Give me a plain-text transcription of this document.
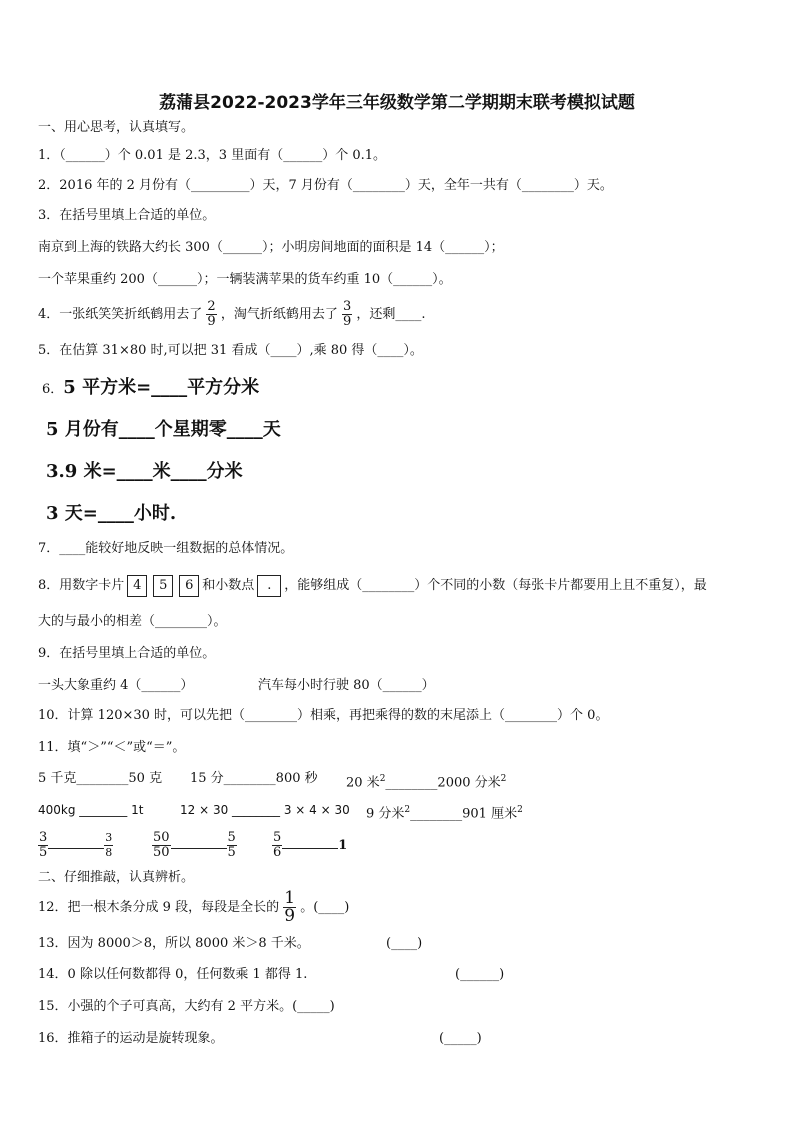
荔蒲县2022-2023学年三年级数学第二学期期末联考模拟试题
一、用心思考，认真填写。
1．（______）个 0.01 是 2.3，3 里面有（______）个 0.1。
2．2016 年的 2 月份有（_________）天，7 月份有（________）天，全年一共有（________）天。
3．在括号里填上合适的单位。
南京到上海的铁路大约长 300（______）；小明房间地面的面积是 14（______）；
一个苹果重约 200（______）；一辆装满苹果的货车约重 10（______）。
4．一张纸笑笑折纸鹤用去了 $\frac{2}{9}$ ，淘气折纸鹤用去了 $\frac{3}{9}$ ，还剩____.
5．在估算 31×80 时,可以把 31 看成（____）,乘 80 得（____）。
6．5 平方米=____平方分米
5 月份有____个星期零____天
3.9 米=____米____分米
3 天=____小时.
7．____能较好地反映一组数据的总体情况。
8．用数字卡片 4 5 6 和小数点 . ，能够组成（________）个不同的小数（每张卡片都要用上且不重复），最
大的与最小的相差（________）。
9．在括号里填上合适的单位。
一头大象重约 4（______）	汽车每小时行驶 80（______）
10．计算 120×30 时，可以先把（________）相乘，再把乘得的数的末尾添上（________）个 0。
11．填“＞”“＜”或“＝”。
5 千克________50 克 15 分________800 秒 20 米$^2$________2000 分米$^2$
400kg ________ 1t	12 × 30 ________ 3 × 4 × 30 9 分米$^2$________901 厘米$^2$
$\frac{3}{5}$	$\frac{3}{8}$	$\frac{50}{50}$	$\frac{5}{5}$	$\frac{5}{6}$	1
二、仔细推敲，认真辨析。
12．把一根木条分成 9 段，每段是全长的 $\frac{1}{9}$ 。(____)
13．因为 8000＞8，所以 8000 米＞8 千米。	(____)
14．0 除以任何数都得 0，任何数乘 1 都得 1.	(______)
15．小强的个子可真高，大约有 2 平方米。(_____)
16．推箱子的运动是旋转现象。	(_____)
